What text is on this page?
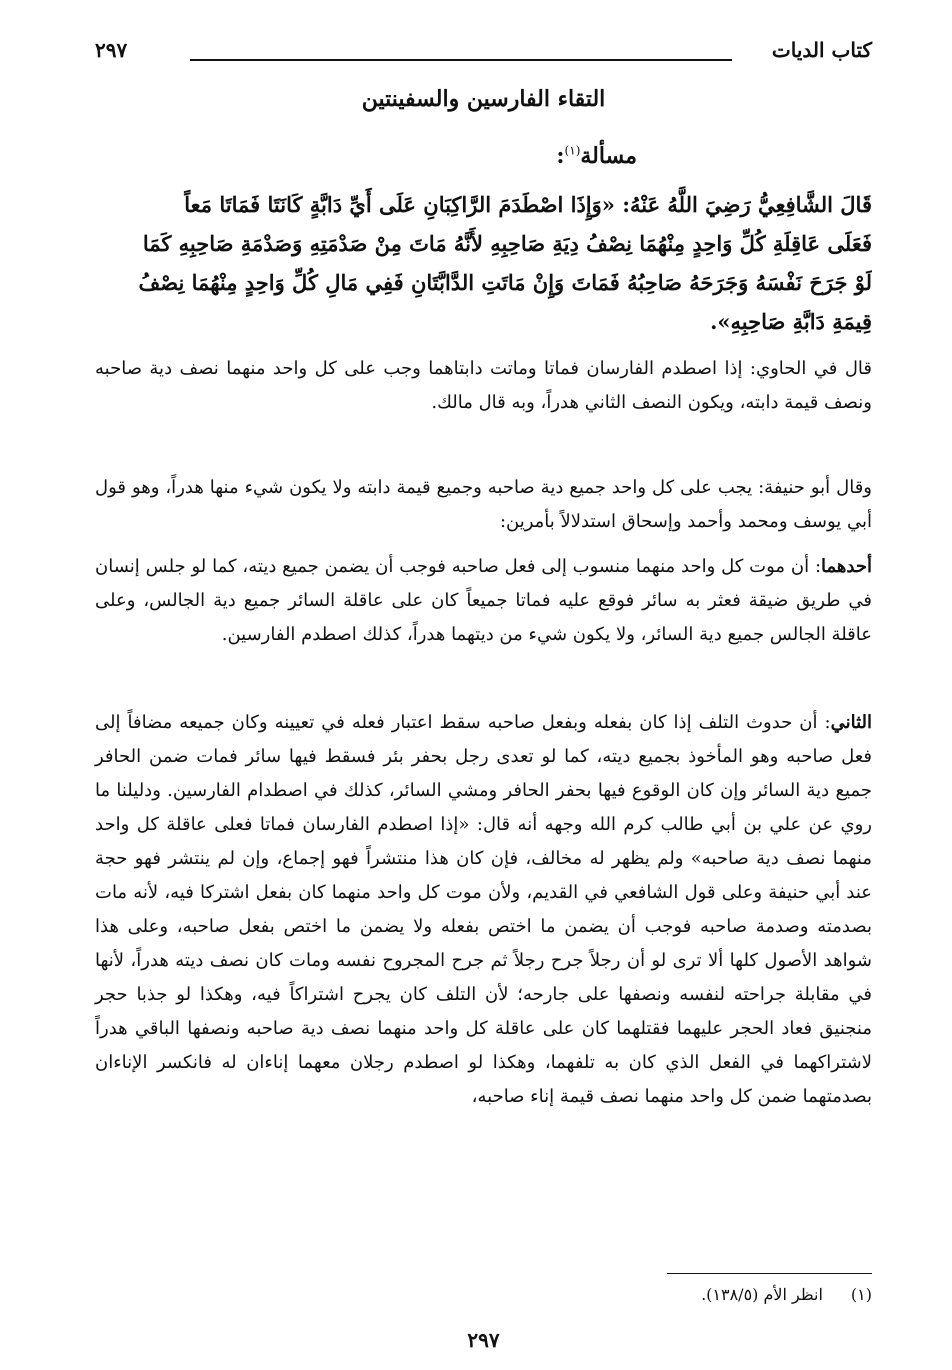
كتاب الديات
٢٩٧
التقاء الفارسين والسفينتين
مسألة$^{(١)}$:
قَالَ الشَّافِعِيُّ رَضِيَ اللَّهُ عَنْهُ: «وَإِذَا اصْطَدَمَ الرَّاكِبَانِ عَلَى أَيِّ دَابَّةٍ كَانَتَا فَمَاتَا مَعاً
فَعَلَى عَاقِلَةِ كُلِّ وَاحِدٍ مِنْهُمَا نِصْفُ دِيَةِ صَاحِبِهِ لأَنَّهُ مَاتَ مِنْ صَدْمَتِهِ وَصَدْمَةِ صَاحِبِهِ كَمَا
لَوْ جَرَحَ نَفْسَهُ وَجَرَحَهُ صَاحِبُهُ فَمَاتَ وَإِنْ مَاتَتِ الدَّابَّتَانِ فَفِي مَالِ كُلِّ وَاحِدٍ مِنْهُمَا نِصْفُ
قِيمَةِ دَابَّةِ صَاحِبِهِ».

قال في الحاوي: إذا اصطدم الفارسان فماتا وماتت دابتاهما وجب على كل واحد منهما نصف دية صاحبه ونصف قيمة دابته، ويكون النصف الثاني هدراً، وبه قال مالك.

وقال أبو حنيفة: يجب على كل واحد جميع دية صاحبه وجميع قيمة دابته ولا يكون شيء منها هدراً، وهو قول أبي يوسف ومحمد وأحمد وإسحاق استدلالاً بأمرين:

أحدهما: أن موت كل واحد منهما منسوب إلى فعل صاحبه فوجب أن يضمن جميع ديته، كما لو جلس إنسان في طريق ضيقة فعثر به سائر فوقع عليه فماتا جميعاً كان على عاقلة السائر جميع دية الجالس، وعلى عاقلة الجالس جميع دية السائر، ولا يكون شيء من ديتهما هدراً، كذلك اصطدم الفارسين.

الثاني: أن حدوث التلف إذا كان بفعله وبفعل صاحبه سقط اعتبار فعله في تعيينه وكان جميعه مضافاً إلى فعل صاحبه وهو المأخوذ بجميع ديته، كما لو تعدى رجل بحفر بئر فسقط فيها سائر فمات ضمن الحافر جميع دية السائر وإن كان الوقوع فيها بحفر الحافر ومشي السائر، كذلك في اصطدام الفارسين. ودليلنا ما روي عن علي بن أبي طالب كرم الله وجهه أنه قال: «إذا اصطدم الفارسان فماتا فعلى عاقلة كل واحد منهما نصف دية صاحبه» ولم يظهر له مخالف، فإن كان هذا منتشراً فهو إجماع، وإن لم ينتشر فهو حجة عند أبي حنيفة وعلى قول الشافعي في القديم، ولأن موت كل واحد منهما كان بفعل اشتركا فيه، لأنه مات بصدمته وصدمة صاحبه فوجب أن يضمن ما اختص بفعله ولا يضمن ما اختص بفعل صاحبه، وعلى هذا شواهد الأصول كلها ألا ترى لو أن رجلاً جرح رجلاً ثم جرح المجروح نفسه ومات كان نصف ديته هدراً، لأنها في مقابلة جراحته لنفسه ونصفها على جارحه؛ لأن التلف كان يجرح اشتراكاً فيه، وهكذا لو جذبا حجر منجنيق فعاد الحجر عليهما فقتلهما كان على عاقلة كل واحد منهما نصف دية صاحبه ونصفها الباقي هدراً لاشتراكهما في الفعل الذي كان به تلفهما، وهكذا لو اصطدم رجلان معهما إناءان له فانكسر الإناءان بصدمتهما ضمن كل واحد منهما نصف قيمة إناء صاحبه،

(١)انظر الأم (١٣٨/٥).
٢٩٧
